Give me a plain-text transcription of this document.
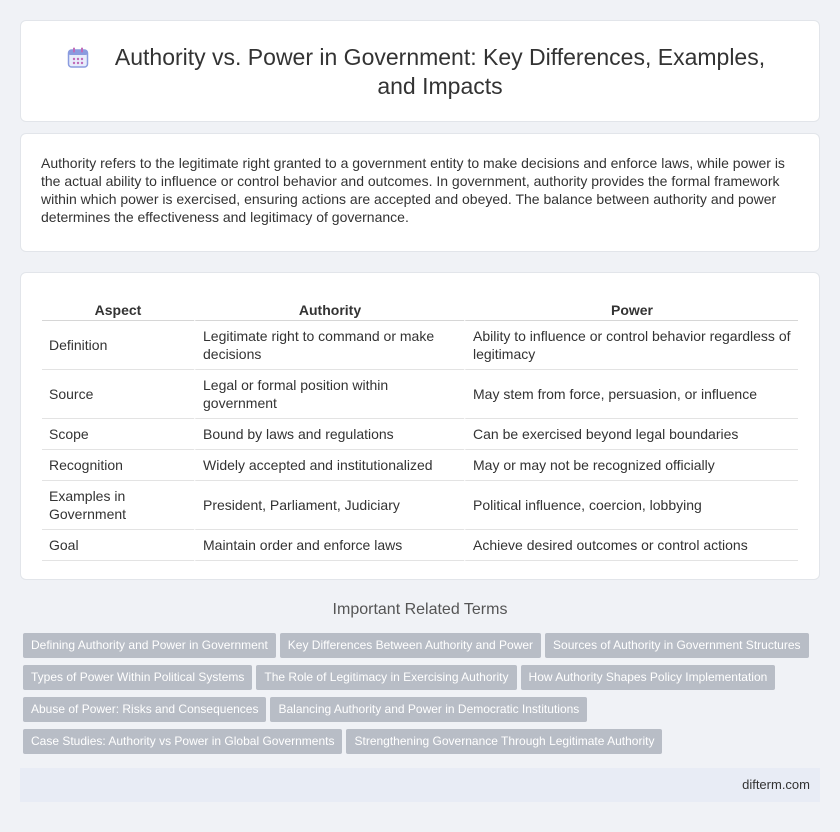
Authority vs. Power in Government: Key Differences, Examples, and Impacts

Authority refers to the legitimate right granted to a government entity to make decisions and enforce laws, while power is the actual ability to influence or control behavior and outcomes. In government, authority provides the formal framework within which power is exercised, ensuring actions are accepted and obeyed. The balance between authority and power determines the effectiveness and legitimacy of governance.

Aspect	Authority	Power
Definition	Legitimate right to command or make decisions	Ability to influence or control behavior regardless of legitimacy
Source	Legal or formal position within government	May stem from force, persuasion, or influence
Scope	Bound by laws and regulations	Can be exercised beyond legal boundaries
Recognition	Widely accepted and institutionalized	May or may not be recognized officially
Examples in Government	President, Parliament, Judiciary	Political influence, coercion, lobbying
Goal	Maintain order and enforce laws	Achieve desired outcomes or control actions
Important Related Terms
Defining Authority and Power in Government Key Differences Between Authority and Power Sources of Authority in Government StructuresTypes of Power Within Political Systems The Role of Legitimacy in Exercising Authority How Authority Shapes Policy ImplementationAbuse of Power: Risks and Consequences Balancing Authority and Power in Democratic InstitutionsCase Studies: Authority vs Power in Global Governments Strengthening Governance Through Legitimate Authority
difterm.com
